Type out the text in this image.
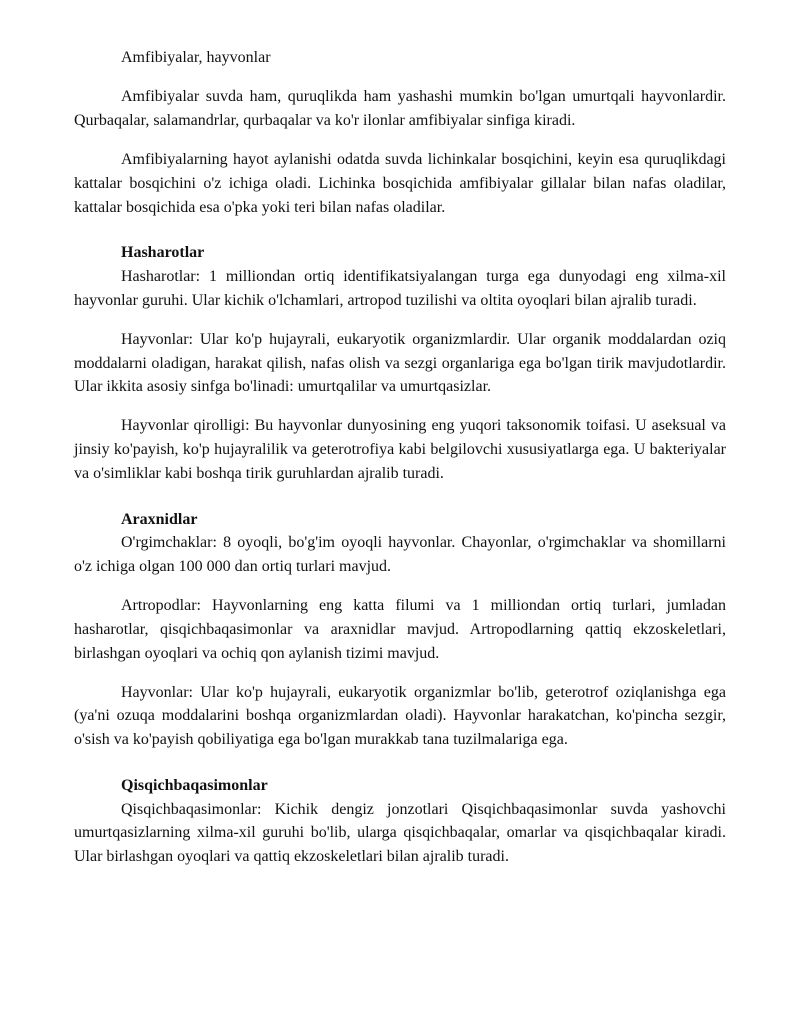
Amfibiyalar, hayvonlar

Amfibiyalar suvda ham, quruqlikda ham yashashi mumkin bo'lgan umurtqali hayvonlardir. Qurbaqalar, salamandrlar, qurbaqalar va ko'r ilonlar amfibiyalar sinfiga kiradi.

Amfibiyalarning hayot aylanishi odatda suvda lichinkalar bosqichini, keyin esa quruqlikdagi kattalar bosqichini o'z ichiga oladi. Lichinka bosqichida amfibiyalar gillalar bilan nafas oladilar, kattalar bosqichida esa o'pka yoki teri bilan nafas oladilar.

Hasharotlar

Hasharotlar: 1 milliondan ortiq identifikatsiyalangan turga ega dunyodagi eng xilma-xil hayvonlar guruhi. Ular kichik o'lchamlari, artropod tuzilishi va oltita oyoqlari bilan ajralib turadi.

Hayvonlar: Ular ko'p hujayrali, eukaryotik organizmlardir. Ular organik moddalardan oziq moddalarni oladigan, harakat qilish, nafas olish va sezgi organlariga ega bo'lgan tirik mavjudotlardir. Ular ikkita asosiy sinfga bo'linadi: umurtqalilar va umurtqasizlar.

Hayvonlar qirolligi: Bu hayvonlar dunyosining eng yuqori taksonomik toifasi. U aseksual va jinsiy ko'payish, ko'p hujayralilik va geterotrofiya kabi belgilovchi xususiyatlarga ega. U bakteriyalar va o'simliklar kabi boshqa tirik guruhlardan ajralib turadi.

Araxnidlar

O'rgimchaklar: 8 oyoqli, bo'g'im oyoqli hayvonlar. Chayonlar, o'rgimchaklar va shomillarni o'z ichiga olgan 100 000 dan ortiq turlari mavjud.

Artropodlar: Hayvonlarning eng katta filumi va 1 milliondan ortiq turlari, jumladan hasharotlar, qisqichbaqasimonlar va araxnidlar mavjud. Artropodlarning qattiq ekzoskeletlari, birlashgan oyoqlari va ochiq qon aylanish tizimi mavjud.

Hayvonlar: Ular ko'p hujayrali, eukaryotik organizmlar bo'lib, geterotrof oziqlanishga ega (ya'ni ozuqa moddalarini boshqa organizmlardan oladi). Hayvonlar harakatchan, ko'pincha sezgir, o'sish va ko'payish qobiliyatiga ega bo'lgan murakkab tana tuzilmalariga ega.

Qisqichbaqasimonlar

Qisqichbaqasimonlar: Kichik dengiz jonzotlari Qisqichbaqasimonlar suvda yashovchi umurtqasizlarning xilma-xil guruhi bo'lib, ularga qisqichbaqalar, omarlar va qisqichbaqalar kiradi. Ular birlashgan oyoqlari va qattiq ekzoskeletlari bilan ajralib turadi.
